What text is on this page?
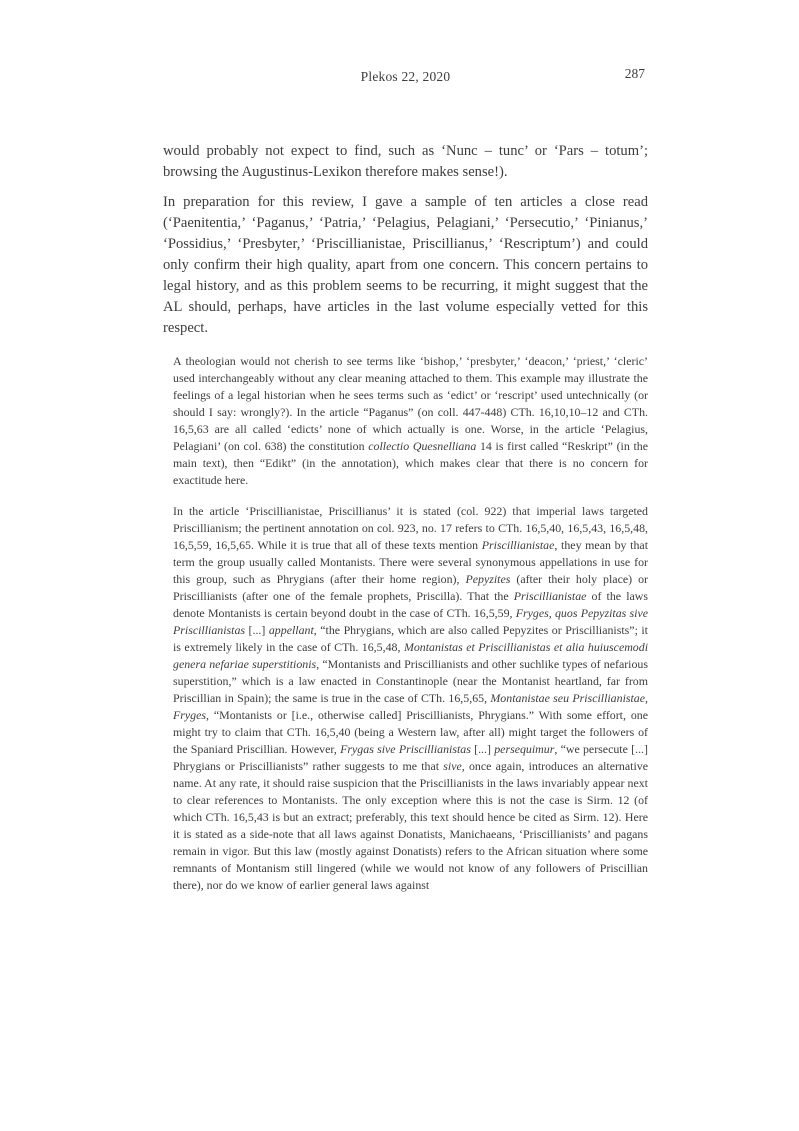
Plekos 22, 2020	287

would probably not expect to find, such as ‘Nunc – tunc’ or ‘Pars – totum’; browsing the Augustinus-Lexikon therefore makes sense!).

In preparation for this review, I gave a sample of ten articles a close read (‘Paenitentia,’ ‘Paganus,’ ‘Patria,’ ‘Pelagius, Pelagiani,’ ‘Persecutio,’ ‘Pinianus,’ ‘Possidius,’ ‘Presbyter,’ ‘Priscillianistae, Priscillianus,’ ‘Rescriptum’) and could only confirm their high quality, apart from one concern. This concern pertains to legal history, and as this problem seems to be recurring, it might suggest that the AL should, perhaps, have articles in the last volume especially vetted for this respect.

A theologian would not cherish to see terms like ‘bishop,’ ‘presbyter,’ ‘deacon,’ ‘priest,’ ‘cleric’ used interchangeably without any clear meaning attached to them. This example may illustrate the feelings of a legal historian when he sees terms such as ‘edict’ or ‘rescript’ used untechnically (or should I say: wrongly?). In the article “Paganus” (on coll. 447-448) CTh. 16,10,10–12 and CTh. 16,5,63 are all called ‘edicts’ none of which actually is one. Worse, in the article ‘Pelagius, Pelagiani’ (on col. 638) the constitution collectio Quesnelliana 14 is first called “Reskript” (in the main text), then “Edikt” (in the annotation), which makes clear that there is no concern for exactitude here.

In the article ‘Priscillianistae, Priscillianus’ it is stated (col. 922) that imperial laws targeted Priscillianism; the pertinent annotation on col. 923, no. 17 refers to CTh. 16,5,40, 16,5,43, 16,5,48, 16,5,59, 16,5,65. While it is true that all of these texts mention Priscillianistae, they mean by that term the group usually called Montanists. There were several synonymous appellations in use for this group, such as Phrygians (after their home region), Pepyzites (after their holy place) or Priscillianists (after one of the female prophets, Priscilla). That the Priscillianistae of the laws denote Montanists is certain beyond doubt in the case of CTh. 16,5,59, Fryges, quos Pepyzitas sive Priscillianistas [...] appellant, “the Phrygians, which are also called Pepyzites or Priscillianists”; it is extremely likely in the case of CTh. 16,5,48, Montanistas et Priscillianistas et alia huiuscemodi genera nefariae superstitionis, “Montanists and Priscillianists and other suchlike types of nefarious superstition,” which is a law enacted in Constantinople (near the Montanist heartland, far from Priscillian in Spain); the same is true in the case of CTh. 16,5,65, Montanistae seu Priscillianistae, Fryges, “Montanists or [i.e., otherwise called] Priscillianists, Phrygians.” With some effort, one might try to claim that CTh. 16,5,40 (being a Western law, after all) might target the followers of the Spaniard Priscillian. However, Frygas sive Priscillianistas [...] persequimur, “we persecute [...] Phrygians or Priscillianists” rather suggests to me that sive, once again, introduces an alternative name. At any rate, it should raise suspicion that the Priscillianists in the laws invariably appear next to clear references to Montanists. The only exception where this is not the case is Sirm. 12 (of which CTh. 16,5,43 is but an extract; preferably, this text should hence be cited as Sirm. 12). Here it is stated as a side-note that all laws against Donatists, Manichaeans, ‘Priscillianists’ and pagans remain in vigor. But this law (mostly against Donatists) refers to the African situation where some remnants of Montanism still lingered (while we would not know of any followers of Priscillian there), nor do we know of earlier general laws against
